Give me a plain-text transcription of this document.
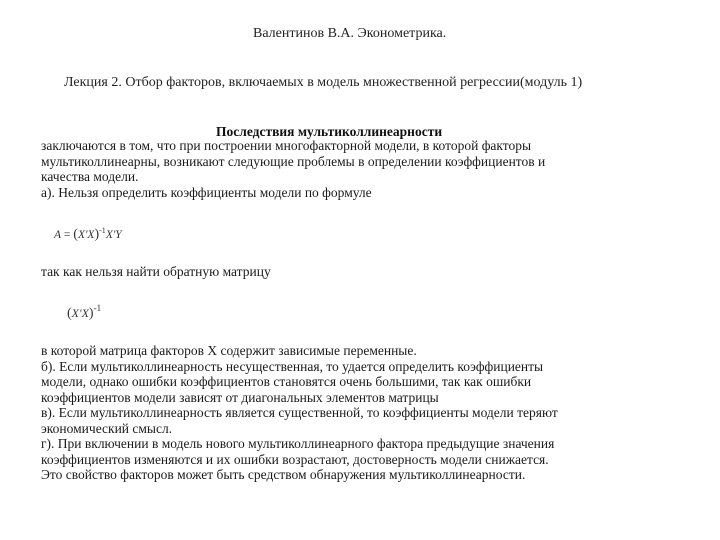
Валентинов В.А. Эконометрика.
Лекция 2. Отбор факторов, включаемых в модель множественной регрессии(модуль 1)
Последствия мультиколлинеарности
заключаются в том, что при построении многофакторной модели, в которой факторы
мультиколлинеарны, возникают следующие проблемы в определении коэффициентов и
качества модели.
а). Нельзя определить коэффициенты модели по формуле
$A = (X'X)^{-1}X'Y$
так как нельзя найти обратную матрицу
$(X'X)^{-1}$
в которой матрица факторов X содержит зависимые переменные.
б). Если мультиколлинеарность несущественная, то удается определить коэффициенты
модели, однако ошибки коэффициентов становятся очень большими, так как ошибки
коэффициентов модели зависят от диагональных элементов матрицы
в). Если мультиколлинеарность является существенной, то коэффициенты модели теряют
экономический смысл.
г). При включении в модель нового мультиколлинеарного фактора предыдущие значения
коэффициентов изменяются и их ошибки возрастают, достоверность модели снижается.
Это свойство факторов может быть средством обнаружения мультиколлинеарности.
